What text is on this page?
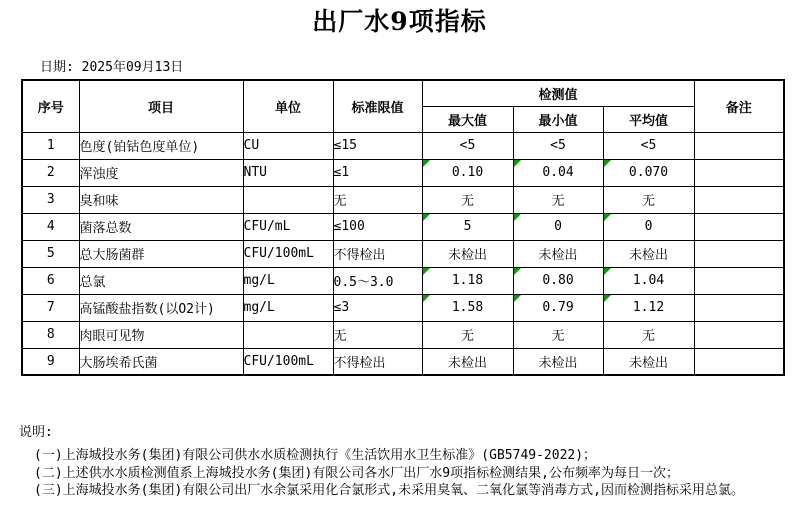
出厂水9项指标
日期: 2025年09月13日
序号	项目	单位	标准限值	检测值			备注
				最大值	最小值	平均值	
1	色度(铂钴色度单位)	CU	≤15	<5	<5	<5	
2	浑浊度	NTU	≤1	0.10	0.04	0.070

3	臭和味		无	无	无	无	
4	菌落总数	CFU/mL	≤100	5	0	0

5	总大肠菌群	CFU/100mL	不得检出	未检出	未检出	未检出	
6	总氯	mg/L	0.5～3.0	1.18	0.80	1.04

7	高锰酸盐指数(以O2计)	mg/L	≤3	1.58	0.79	1.12

8	肉眼可见物		无	无	无	无	
9	大肠埃希氏菌	CFU/100mL	不得检出	未检出	未检出	未检出	
说明:
(一)上海城投水务(集团)有限公司供水水质检测执行《生活饮用水卫生标准》(GB5749-2022)；
(二)上述供水水质检测值系上海城投水务(集团)有限公司各水厂出厂水9项指标检测结果,公布频率为每日一次；
(三)上海城投水务(集团)有限公司出厂水余氯采用化合氯形式,未采用臭氧、二氧化氯等消毒方式,因而检测指标采用总氯。
